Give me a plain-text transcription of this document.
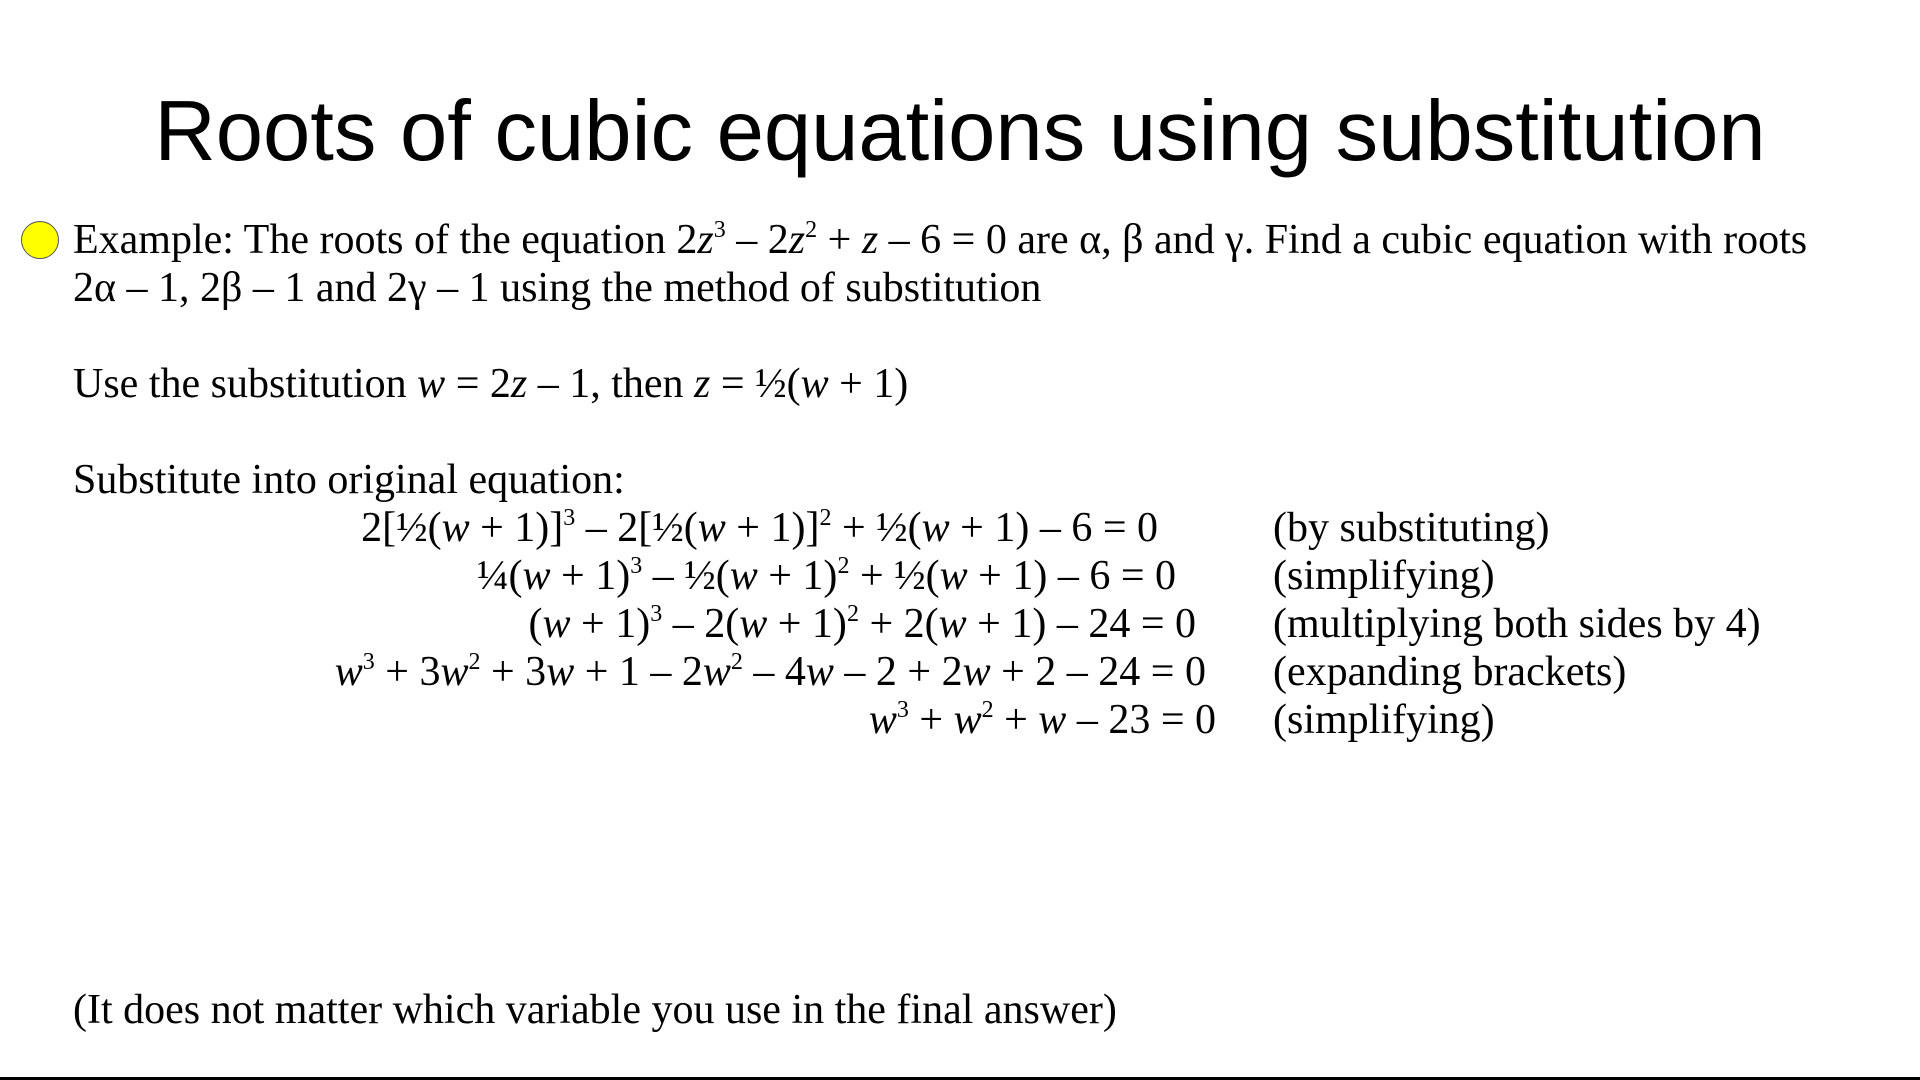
Roots of cubic equations using substitution
Example: The roots of the equation $2z^3 - 2z^2 + z - 6 = 0$ are α, β and γ. Find a cubic equation with roots
2α – 1, 2β – 1 and 2γ – 1 using the method of substitution
Use the substitution w = 2z – 1, then z = ½(w + 1)
Substitute into original equation:
2[½(w + 1)]$^3$ – 2[½(w + 1)]$^2$ + ½(w + 1) – 6 = 0	(by substituting)
¼(w + 1)$^3$ – ½(w + 1)$^2$ + ½(w + 1) – 6 = 0 (simplifying)
$(w + 1)^3 - 2(w + 1)^2 + 2(w + 1) - 24 = 0$ (multiplying both sides by 4)
$w^3 + 3w^2 + 3w + 1 - 2w^2 - 4w - 2 + 2w + 2 - 24 = 0$ (expanding brackets)
$w^3 + w^2 + w - 23 = 0$ (simplifying)
(It does not matter which variable you use in the final answer)
